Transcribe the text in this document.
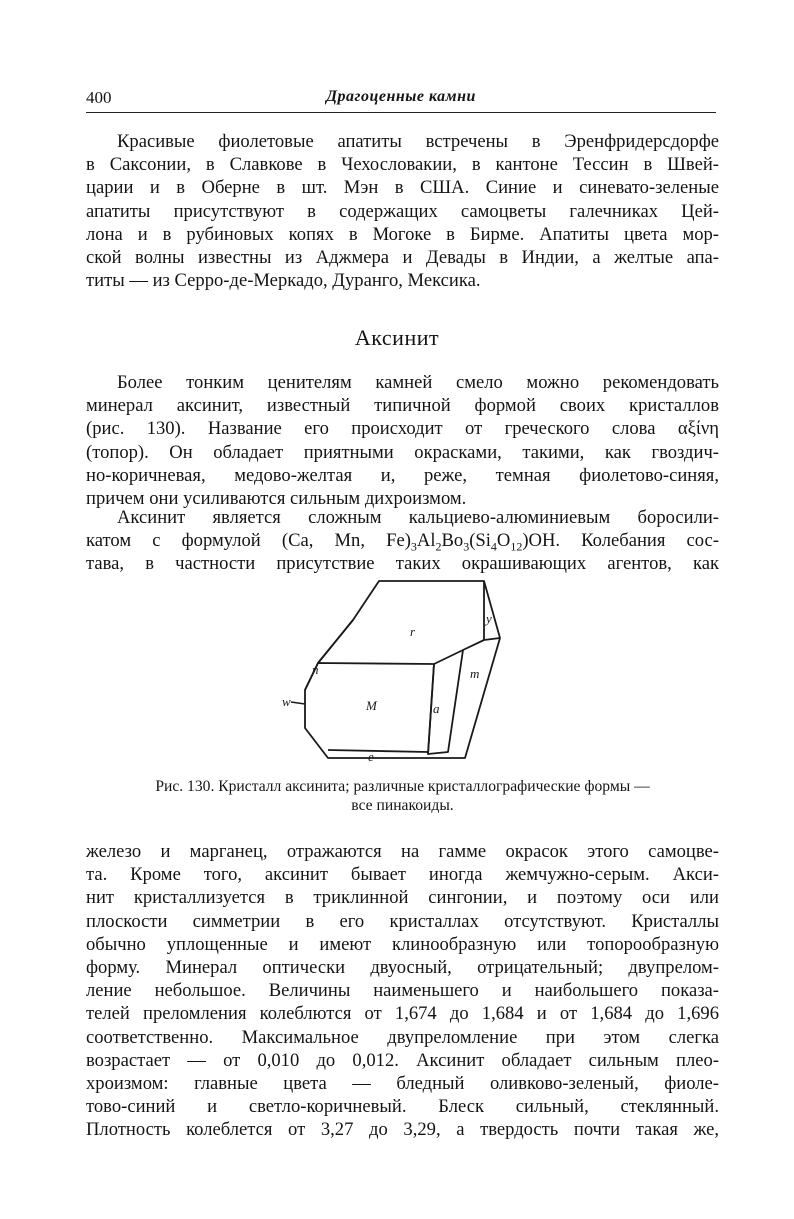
400	Драгоценные камни
Красивые фиолетовые апатиты встречены в Эренфридерсдорфе
в Саксонии, в Славкове в Чехословакии, в кантоне Тессин в Швей-
царии и в Оберне в шт. Мэн в США. Синие и синевато-зеленые
апатиты присутствуют в содержащих самоцветы галечниках Цей-
лона и в рубиновых копях в Могоке в Бирме. Апатиты цвета мор-
ской волны известны из Аджмера и Девады в Индии, а желтые апа-
титы — из Серро-де-Меркадо, Дуранго, Мексика.
Аксинит
Более тонким ценителям камней смело можно рекомендовать
минерал аксинит, известный типичной формой своих кристаллов
(рис. 130). Название его происходит от греческого слова αξίνη
(топор). Он обладает приятными окрасками, такими, как гвоздич-
но-коричневая, медово-желтая и, реже, темная фиолетово-синяя,
причем они усиливаются сильным дихроизмом.
Аксинит является сложным кальциево-алюминиевым боросили-
катом с формулой (Ca, Mn, $Fe)_3Al_2Bo_3(Si_4O_{12})OH$. Колебания сос-
тава, в частности присутствие таких окрашивающих агентов, как
r
y
n	m
w	M	a
e
Рис. 130. Кристалл аксинита; различные кристаллографические формы —
все пинакоиды.
железо и марганец, отражаются на гамме окрасок этого самоцве-
та. Кроме того, аксинит бывает иногда жемчужно-серым. Акси-
нит кристаллизуется в триклинной сингонии, и поэтому оси или
плоскости симметрии в его кристаллах отсутствуют. Кристаллы
обычно уплощенные и имеют клинообразную или топорообразную
форму. Минерал оптически двуосный, отрицательный; двупрелом-
ление небольшое. Величины наименьшего и наибольшего показа-
телей преломления колеблются от 1,674 до 1,684 и от 1,684 до 1,696
соответственно. Максимальное двупреломление при этом слегка
возрастает — от 0,010 до 0,012. Аксинит обладает сильным плео-
хроизмом: главные цвета — бледный оливково-зеленый, фиоле-
тово-синий и светло-коричневый. Блеск сильный, стеклянный.
Плотность колеблется от 3,27 до 3,29, а твердость почти такая же,
